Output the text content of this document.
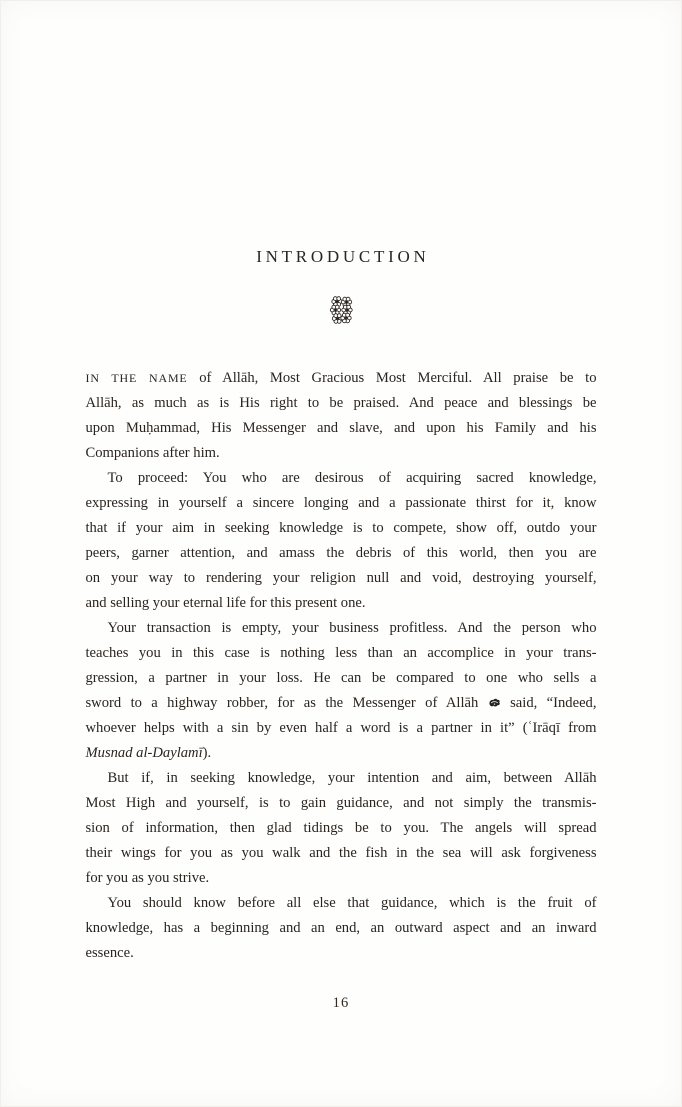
INTRODUCTION
IN THE NAME of Allāh, Most Gracious Most Merciful. All praise be to
Allāh, as much as is His right to be praised. And peace and blessings be
upon Muḥammad, His Messenger and slave, and upon his Family and his
Companions after him.
To proceed: You who are desirous of acquiring sacred knowledge,
expressing in yourself a sincere longing and a passionate thirst for it, know
that if your aim in seeking knowledge is to compete, show off, outdo your
peers, garner attention, and amass the debris of this world, then you are
on your way to rendering your religion null and void, destroying yourself,
and selling your eternal life for this present one.
Your transaction is empty, your business profitless. And the person who
teaches you in this case is nothing less than an accomplice in your trans-
gression, a partner in your loss. He can be compared to one who sells a
sword to a highway robber, for as the Messenger of Allāh  said, “Indeed,
whoever helps with a sin by even half a word is a partner in it” (ʿIrāqī from
Musnad al-Daylamī).
But if, in seeking knowledge, your intention and aim, between Allāh
Most High and yourself, is to gain guidance, and not simply the transmis-
sion of information, then glad tidings be to you. The angels will spread
their wings for you as you walk and the fish in the sea will ask forgiveness
for you as you strive.
You should know before all else that guidance, which is the fruit of
knowledge, has a beginning and an end, an outward aspect and an inward
essence.
16
